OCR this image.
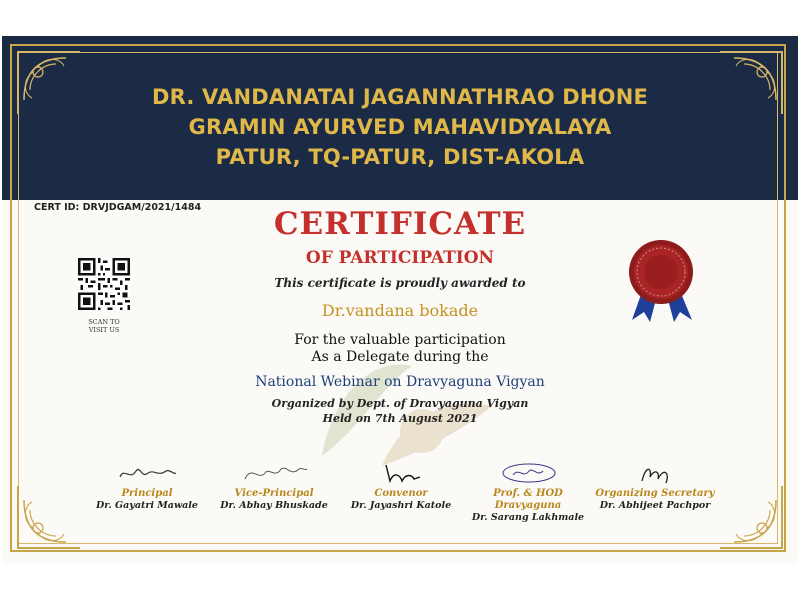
DR. VANDANATAI JAGANNATHRAO DHONE
GRAMIN AYURVED MAHAVIDYALAYA
PATUR, TQ-PATUR, DIST-AKOLA
CERT ID: DRVJDGAM/2021/1484
SCAN TO
VISIT US
CERTIFICATE
OF PARTICIPATION
This certificate is proudly awarded to
Dr.vandana bokade
For the valuable participation
As a Delegate during the
National Webinar on Dravyaguna Vigyan
Organized by Dept. of Dravyaguna Vigyan
Held on 7th August 2021
Principal
Dr. Gayatri Mawale
Vice-Principal
Dr. Abhay Bhuskade
Convenor
Dr. Jayashri Katole
Prof. & HOD Dravyaguna
Dr. Sarang Lakhmale
Organizing Secretary
Dr. Abhijeet Pachpor
